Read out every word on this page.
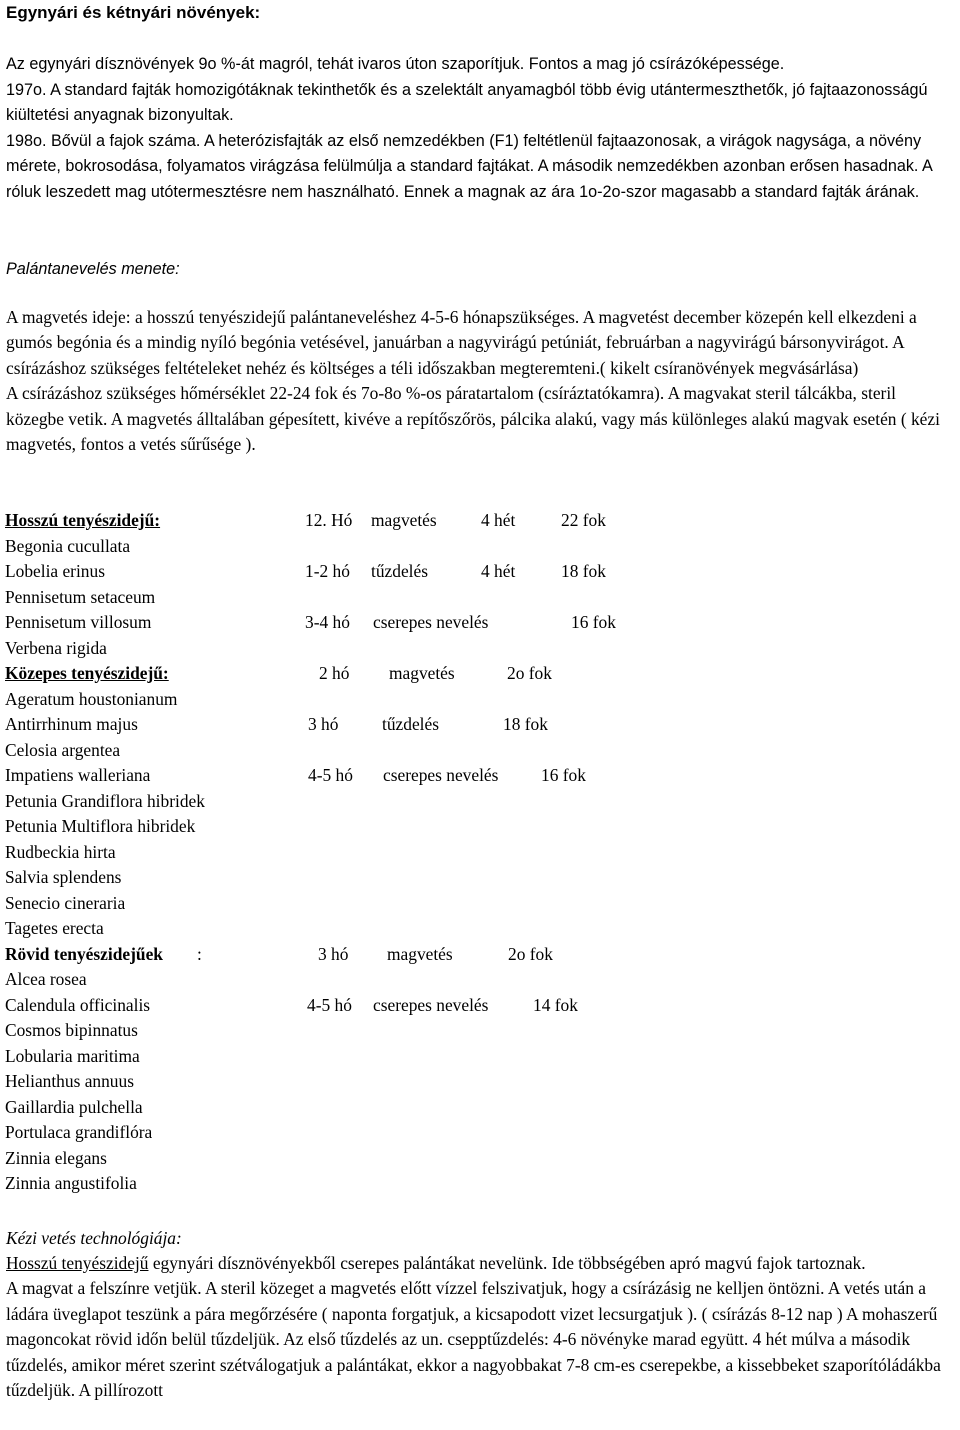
Egynyári és kétnyári növények:

Az egynyári dísznövények 9o %-át magról, tehát ivaros úton szaporítjuk. Fontos a mag jó csírázóképessége.

197o. A standard fajták homozigótáknak tekinthetők és a szelektált anyamagból több évig utántermeszthetők, jó fajtaazonosságú kiültetési anyagnak bizonyultak.

198o. Bővül a fajok száma. A heterózisfajták az első nemzedékben (F1) feltétlenül fajtaazonosak, a virágok nagysága, a növény mérete, bokrosodása, folyamatos virágzása felülmúlja a standard fajtákat. A második nemzedékben azonban erősen hasadnak. A róluk leszedett mag utótermesztésre nem használható. Ennek a magnak az ára 1o-2o-szor magasabb a standard fajták árának.

Palántanevelés menete:

A magvetés ideje: a hosszú tenyészidejű palántaneveléshez 4-5-6 hónapszükséges. A magvetést december közepén kell elkezdeni a gumós begónia és a mindig nyíló begónia vetésével, januárban a nagyvirágú petúniát, februárban a nagyvirágú bársonyvirágot. A csírázáshoz szükséges feltételeket nehéz és költséges a téli időszakban megteremteni.( kikelt csíranövények megvásárlása)

A csírázáshoz szükséges hőmérséklet 22-24 fok és 7o-8o %-os páratartalom (csíráztatókamra). A magvakat steril tálcákba, steril közegbe vetik. A magvetés álltalában gépesített, kivéve a repítőszőrös, pálcika alakú, vagy más különleges alakú magvak esetén ( kézi magvetés, fontos a vetés sűrűsége ).

Hosszú tenyészidejű:	12. Hó magvetés	4 hét	22 fok
Begonia cucullata
Lobelia erinus	1-2 hó tűzdelés	4 hét	18 fok
Pennisetum setaceum
Pennisetum villosum	3-4 hó cserepes nevelés	16 fok
Verbena rigida
Közepes tenyészidejű:	2 hó magvetés	2o fok
Ageratum houstonianum
Antirrhinum majus	3 hó	tűzdelés	18 fok
Celosia argentea
Impatiens walleriana	4-5 hó cserepes nevelés 16 fok
Petunia Grandiflora hibridek
Petunia Multiflora hibridek
Rudbeckia hirta
Salvia splendens
Senecio cineraria
Tagetes erecta
Rövid tenyészidejűek :	3 hó magvetés	2o fok
Alcea rosea
Calendula officinalis	4-5 hó cserepes nevelés	14 fok
Cosmos bipinnatus
Lobularia maritima
Helianthus annuus
Gaillardia pulchella
Portulaca grandiflóra
Zinnia elegans
Zinnia angustifolia
Kézi vetés technológiája:

Hosszú tenyészidejű egynyári dísznövényekből cserepes palántákat nevelünk. Ide többségében apró magvú fajok tartoznak.

A magvat a felszínre vetjük. A steril közeget a magvetés előtt vízzel felszivatjuk, hogy a csírázásig ne kelljen öntözni. A vetés után a ládára üveglapot teszünk a pára megőrzésére ( naponta forgatjuk, a kicsapodott vizet lecsurgatjuk ). ( csírázás 8-12 nap ) A mohaszerű magoncokat rövid időn belül tűzdeljük. Az első tűzdelés az un. csepptűzdelés: 4-6 növényke marad együtt. 4 hét múlva a második tűzdelés, amikor méret szerint szétválogatjuk a palántákat, ekkor a nagyobbakat 7-8 cm-es cserepekbe, a kissebbeket szaporítóládákba tűzdeljük. A pillírozott
